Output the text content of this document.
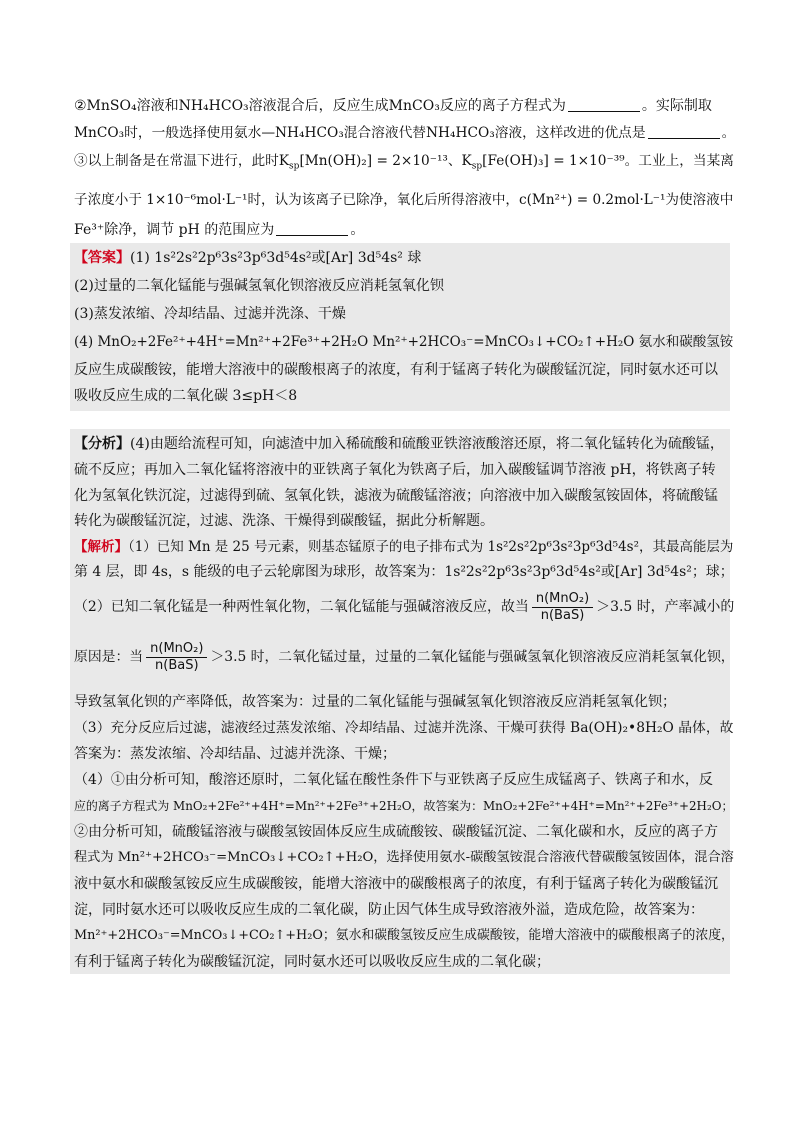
②MnSO₄溶液和NH₄HCO₃溶液混合后，反应生成MnCO₃反应的离子方程式为	。实际制取
MnCO₃时，一般选择使用氨水—NH₄HCO₃混合溶液代替NH₄HCO₃溶液，这样改进的优点是	。
③以上制备是在常温下进行，此时$K_{sp}[Mn(OH)_2] = 2\times 10^{-13}$、$K_{sp}[Fe(OH)_3] = 1\times 10^{-39}$。工业上，当某离
子浓度小于 1×10⁻⁶mol·L⁻¹时，认为该离子已除净，氧化后所得溶液中，c(Mn²⁺) = 0.2mol·L⁻¹为使溶液中
Fe³⁺除净，调节 pH 的范围应为	。
【答案】(1) 1s²2s²2p⁶3s²3p⁶3d⁵4s²或[Ar] 3d⁵4s² 球
(2)过量的二氧化锰能与强碱氢氧化钡溶液反应消耗氢氧化钡
(3)蒸发浓缩、冷却结晶、过滤并洗涤、干燥
(4) MnO₂+2Fe²⁺+4H⁺=Mn²⁺+2Fe³⁺+2H₂O Mn²⁺+2HCO₃⁻=MnCO₃↓+CO₂↑+H₂O 氨水和碳酸氢铵
反应生成碳酸铵，能增大溶液中的碳酸根离子的浓度，有利于锰离子转化为碳酸锰沉淀，同时氨水还可以
吸收反应生成的二氧化碳 3≤pH＜8
【分析】(4)由题给流程可知，向滤渣中加入稀硫酸和硫酸亚铁溶液酸溶还原，将二氧化锰转化为硫酸锰，
硫不反应；再加入二氧化锰将溶液中的亚铁离子氧化为铁离子后，加入碳酸锰调节溶液 pH，将铁离子转
化为氢氧化铁沉淀，过滤得到硫、氢氧化铁，滤液为硫酸锰溶液；向溶液中加入碳酸氢铵固体，将硫酸锰
转化为碳酸锰沉淀，过滤、洗涤、干燥得到碳酸锰，据此分析解题。
【解析】（1）已知 Mn 是 25 号元素，则基态锰原子的电子排布式为 1s²2s²2p⁶3s²3p⁶3d⁵4s²，其最高能层为
第 4 层，即 4s，s 能级的电子云轮廓图为球形，故答案为：1s²2s²2p⁶3s²3p⁶3d⁵4s²或[Ar] 3d⁵4s²；球；
（2）已知二氧化锰是一种两性氧化物，二氧化锰能与强碱溶液反应，故当 $\frac{\text{n(MnO₂)}}{\text{n(BaS)}} >3.5$ 时，产率减小的
原因是：当 $\frac{\text{n(MnO₂)}}{\text{n(BaS)}} >3.5$ 时，二氧化锰过量，过量的二氧化锰能与强碱氢氧化钡溶液反应消耗氢氧化钡，
导致氢氧化钡的产率降低，故答案为：过量的二氧化锰能与强碱氢氧化钡溶液反应消耗氢氧化钡；
（3）充分反应后过滤，滤液经过蒸发浓缩、冷却结晶、过滤并洗涤、干燥可获得 Ba(OH)₂•8H₂O 晶体，故
答案为：蒸发浓缩、冷却结晶、过滤并洗涤、干燥；
（4）①由分析可知，酸溶还原时，二氧化锰在酸性条件下与亚铁离子反应生成锰离子、铁离子和水，反
应的离子方程式为 MnO₂+2Fe²⁺+4H⁺=Mn²⁺+2Fe³⁺+2H₂O，故答案为：MnO₂+2Fe²⁺+4H⁺=Mn²⁺+2Fe³⁺+2H₂O；
②由分析可知，硫酸锰溶液与碳酸氢铵固体反应生成硫酸铵、碳酸锰沉淀、二氧化碳和水，反应的离子方
程式为 Mn²⁺+2HCO₃⁻=MnCO₃↓+CO₂↑+H₂O，选择使用氨水-碳酸氢铵混合溶液代替碳酸氢铵固体，混合溶
液中氨水和碳酸氢铵反应生成碳酸铵，能增大溶液中的碳酸根离子的浓度，有利于锰离子转化为碳酸锰沉
淀，同时氨水还可以吸收反应生成的二氧化碳，防止因气体生成导致溶液外溢，造成危险，故答案为：
Mn²⁺+2HCO₃⁻=MnCO₃↓+CO₂↑+H₂O；氨水和碳酸氢铵反应生成碳酸铵，能增大溶液中的碳酸根离子的浓度，
有利于锰离子转化为碳酸锰沉淀，同时氨水还可以吸收反应生成的二氧化碳；
